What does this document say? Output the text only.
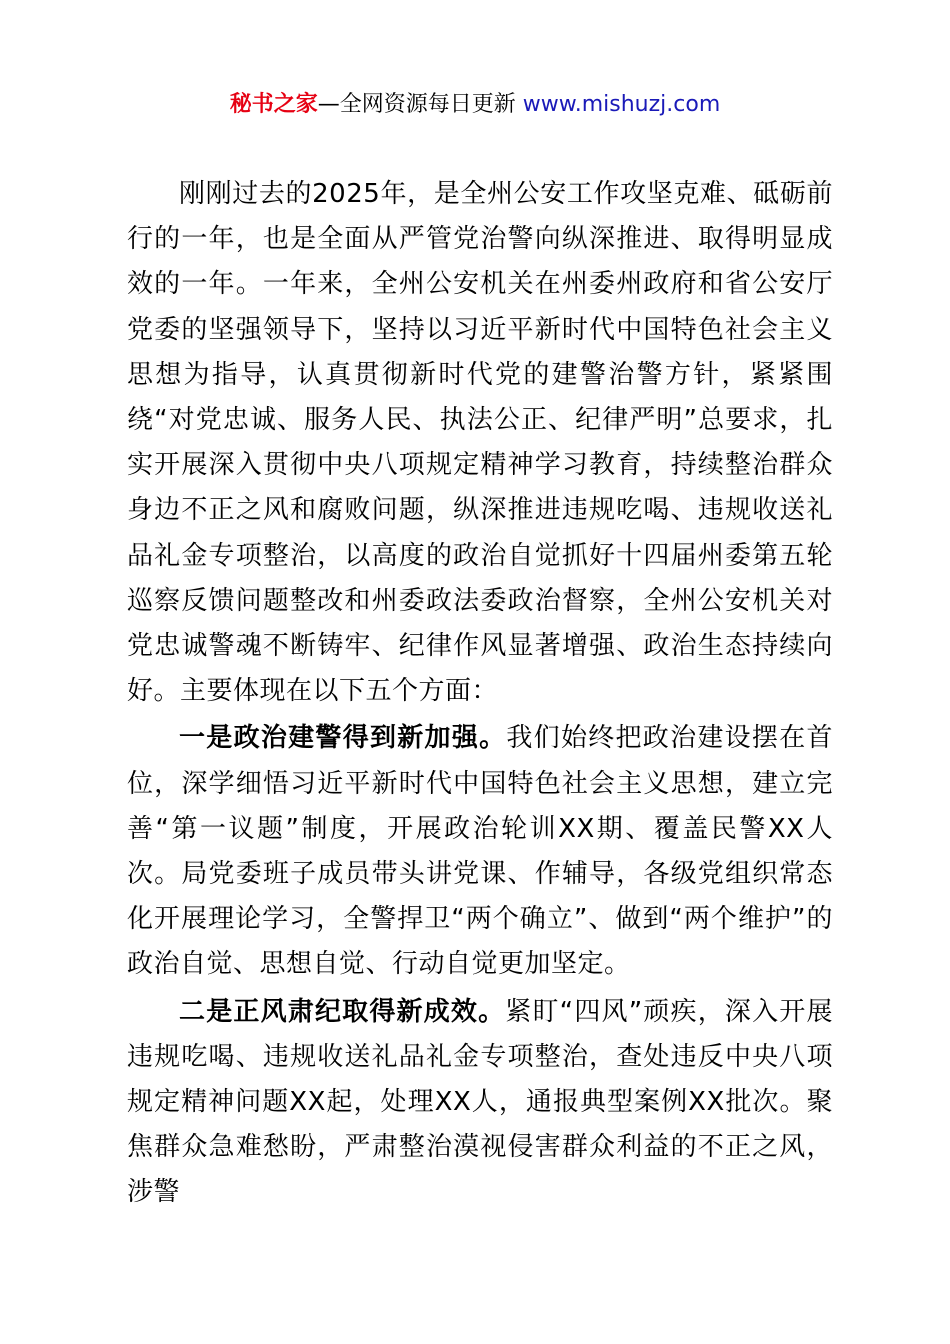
秘书之家—全网资源每日更新 www.mishuzj.com

刚刚过去的2025年，是全州公安工作攻坚克难、砥砺前行的一年，也是全面从严管党治警向纵深推进、取得明显成效的一年。一年来，全州公安机关在州委州政府和省公安厅党委的坚强领导下，坚持以习近平新时代中国特色社会主义思想为指导，认真贯彻新时代党的建警治警方针，紧紧围绕“对党忠诚、服务人民、执法公正、纪律严明”总要求，扎实开展深入贯彻中央八项规定精神学习教育，持续整治群众身边不正之风和腐败问题，纵深推进违规吃喝、违规收送礼品礼金专项整治，以高度的政治自觉抓好十四届州委第五轮巡察反馈问题整改和州委政法委政治督察，全州公安机关对党忠诚警魂不断铸牢、纪律作风显著增强、政治生态持续向好。主要体现在以下五个方面：

一是政治建警得到新加强。我们始终把政治建设摆在首位，深学细悟习近平新时代中国特色社会主义思想，建立完善“第一议题”制度，开展政治轮训XX期、覆盖民警XX人次。局党委班子成员带头讲党课、作辅导，各级党组织常态化开展理论学习，全警捍卫“两个确立”、做到“两个维护”的政治自觉、思想自觉、行动自觉更加坚定。

二是正风肃纪取得新成效。紧盯“四风”顽疾，深入开展违规吃喝、违规收送礼品礼金专项整治，查处违反中央八项规定精神问题XX起，处理XX人，通报典型案例XX批次。聚焦群众急难愁盼，严肃整治漠视侵害群众利益的不正之风，涉警
